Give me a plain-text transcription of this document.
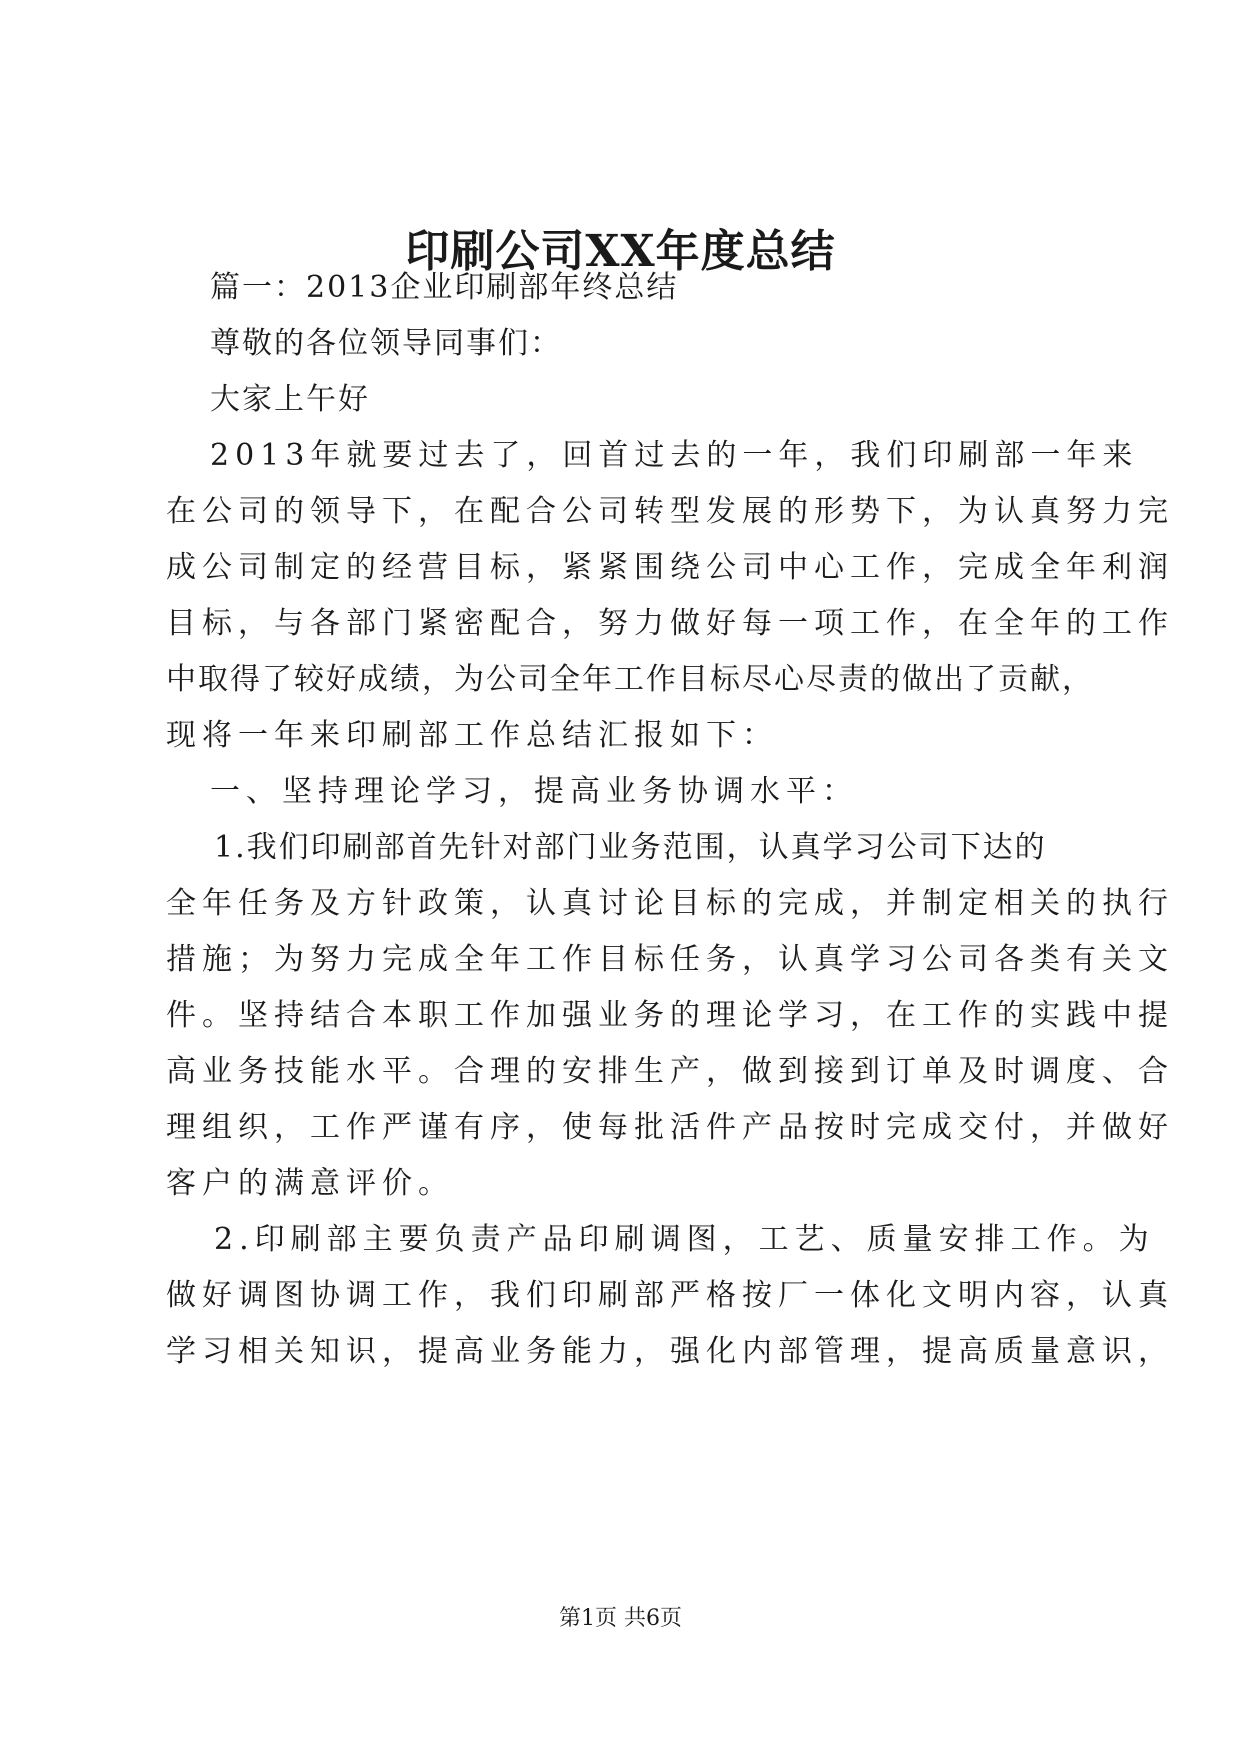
印刷公司XX年度总结

篇一：2013企业印刷部年终总结

尊敬的各位领导同事们：

大家上午好

2013年就要过去了，回首过去的一年，我们印刷部一年来

在公司的领导下，在配合公司转型发展的形势下，为认真努力完

成公司制定的经营目标，紧紧围绕公司中心工作，完成全年利润

目标，与各部门紧密配合，努力做好每一项工作，在全年的工作

中取得了较好成绩，为公司全年工作目标尽心尽责的做出了贡献，

现将一年来印刷部工作总结汇报如下：

一、坚持理论学习，提高业务协调水平：

1.我们印刷部首先针对部门业务范围，认真学习公司下达的

全年任务及方针政策，认真讨论目标的完成，并制定相关的执行

措施；为努力完成全年工作目标任务，认真学习公司各类有关文

件。坚持结合本职工作加强业务的理论学习，在工作的实践中提

高业务技能水平。合理的安排生产，做到接到订单及时调度、合

理组织，工作严谨有序，使每批活件产品按时完成交付，并做好

客户的满意评价。

2.印刷部主要负责产品印刷调图，工艺、质量安排工作。为

做好调图协调工作，我们印刷部严格按厂一体化文明内容，认真

学习相关知识，提高业务能力，强化内部管理，提高质量意识，

第1页 共6页
